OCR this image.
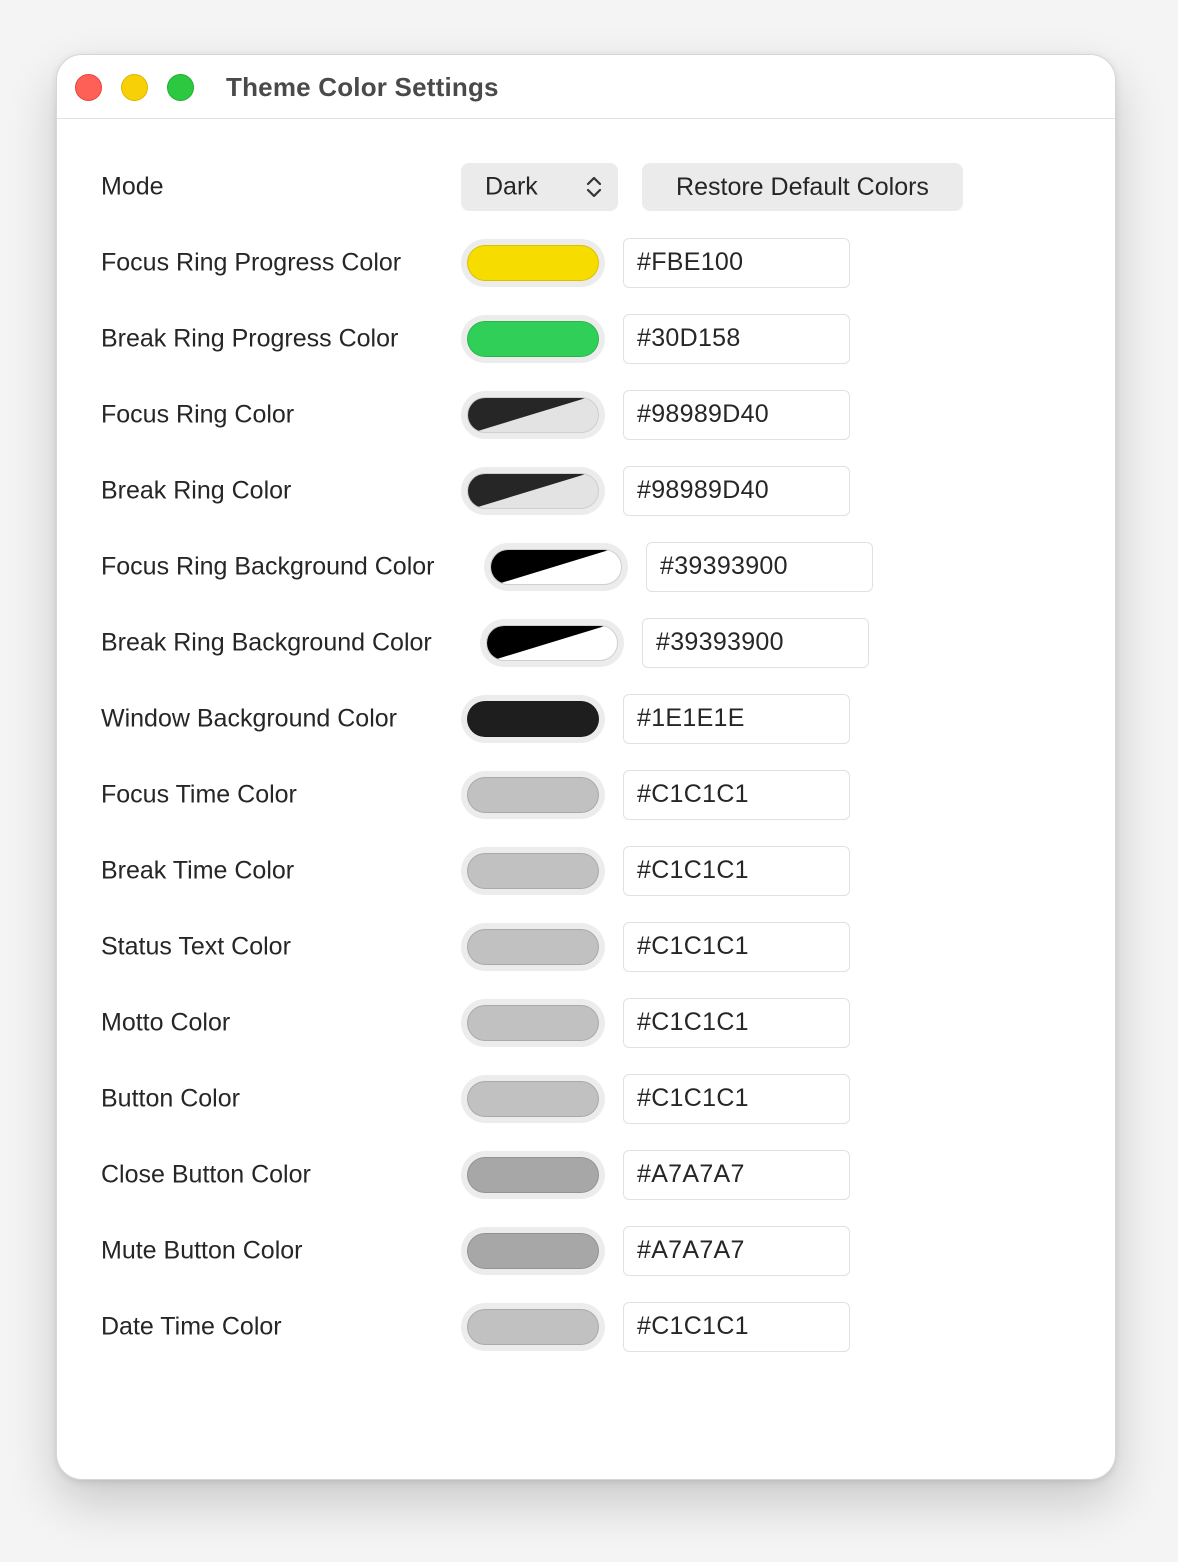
Theme Color Settings
Mode	Dark	Restore Default Colors
Focus Ring Progress Color	#FBE100
Break Ring Progress Color	#30D158
Focus Ring Color	#98989D40
Break Ring Color	#98989D40
Focus Ring Background Color	#39393900
Break Ring Background Color	#39393900
Window Background Color	#1E1E1E
Focus Time Color	#C1C1C1
Break Time Color	#C1C1C1
Status Text Color	#C1C1C1
Motto Color	#C1C1C1
Button Color	#C1C1C1
Close Button Color	#A7A7A7
Mute Button Color	#A7A7A7
Date Time Color	#C1C1C1
